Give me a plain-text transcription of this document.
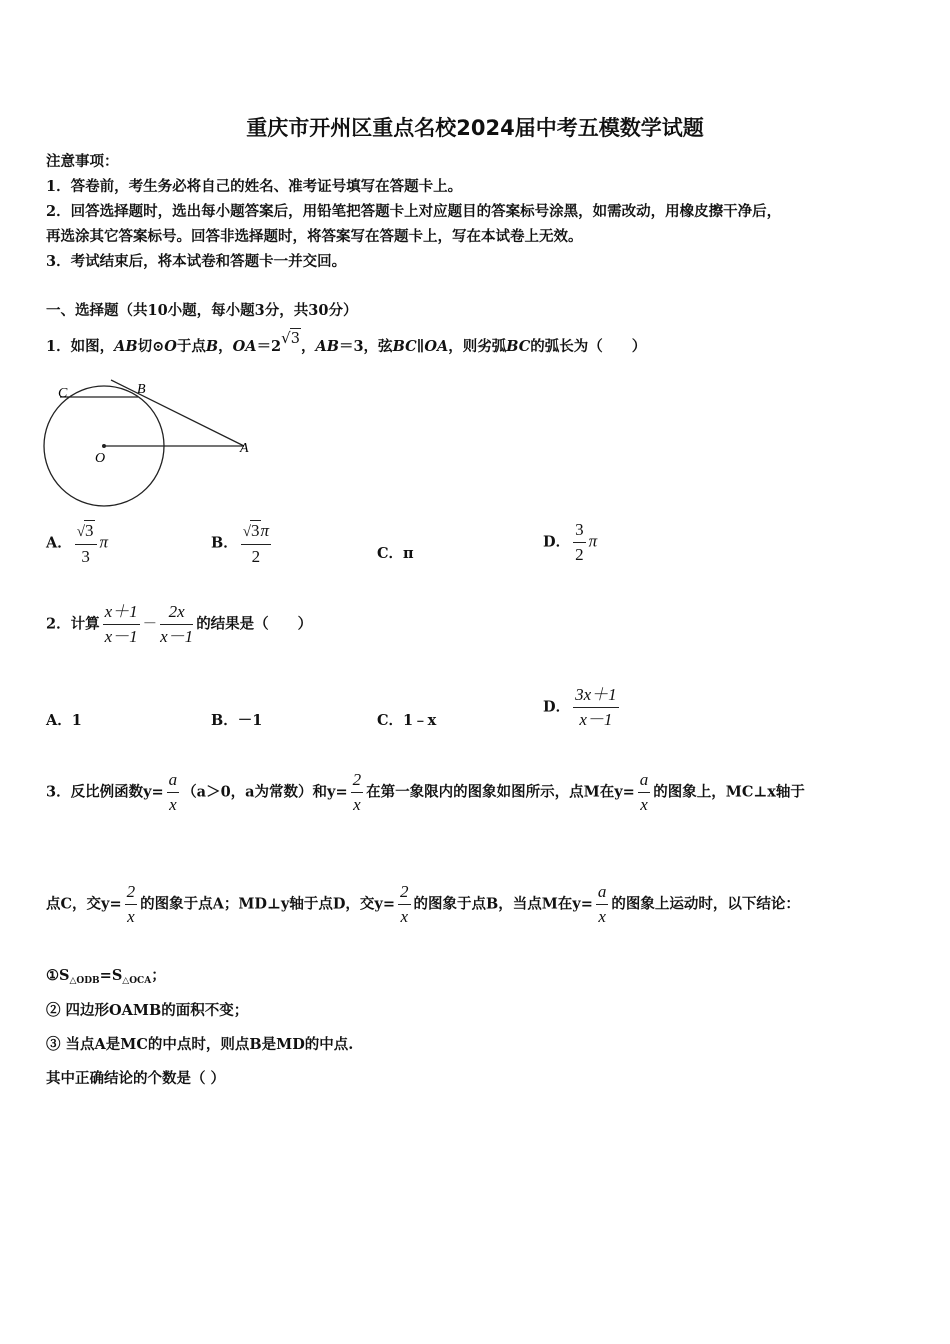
重庆市开州区重点名校2024届中考五模数学试题
注意事项：
1．答卷前，考生务必将自己的姓名、准考证号填写在答题卡上。
2．回答选择题时，选出每小题答案后，用铅笔把答题卡上对应题目的答案标号涂黑，如需改动，用橡皮擦干净后，
再选涂其它答案标号。回答非选择题时，将答案写在答题卡上，写在本试卷上无效。
3．考试结束后，将本试卷和答题卡一并交回。
一、选择题（共10小题，每小题3分，共30分）
1．如图，AB切⊙O于点B，OA＝2√3，AB＝3，弦BC∥OA，则劣弧BC的弧长为（　　）
C	B
O
A
A． $\frac{√3}{3}$ π	B． $\frac{√3\pi}{2}$	C．π
D． $\frac{3}{2}$ π
2．计算 $\frac{x+1}{x-1} - \frac{2x}{x-1}$ 的结果是（　　）
A．1	B．－1	C．1﹣x
D． $\frac{3x+1}{x-1}$
3．反比例函数$y= \frac{a}{x} (a>0$，a为常数）和$y= \frac{2}{x}$ 在第一象限内的图象如图所示，点M在$y= \frac{a}{x}$ 的图象上，MC⊥x轴于
点C，交$y= \frac{2}{x}$ 的图象于点A；MD⊥y轴于点D，交$y= \frac{2}{x}$ 的图象于点B，当点M在$y= \frac{a}{x}$ 的图象上运动时，以下结论：
$①S_{\triangle ODB}=S_{\triangle OCA}$；
② 四边形OAMB的面积不变；
③ 当点A是MC的中点时，则点B是MD的中点.
其中正确结论的个数是（ ）
